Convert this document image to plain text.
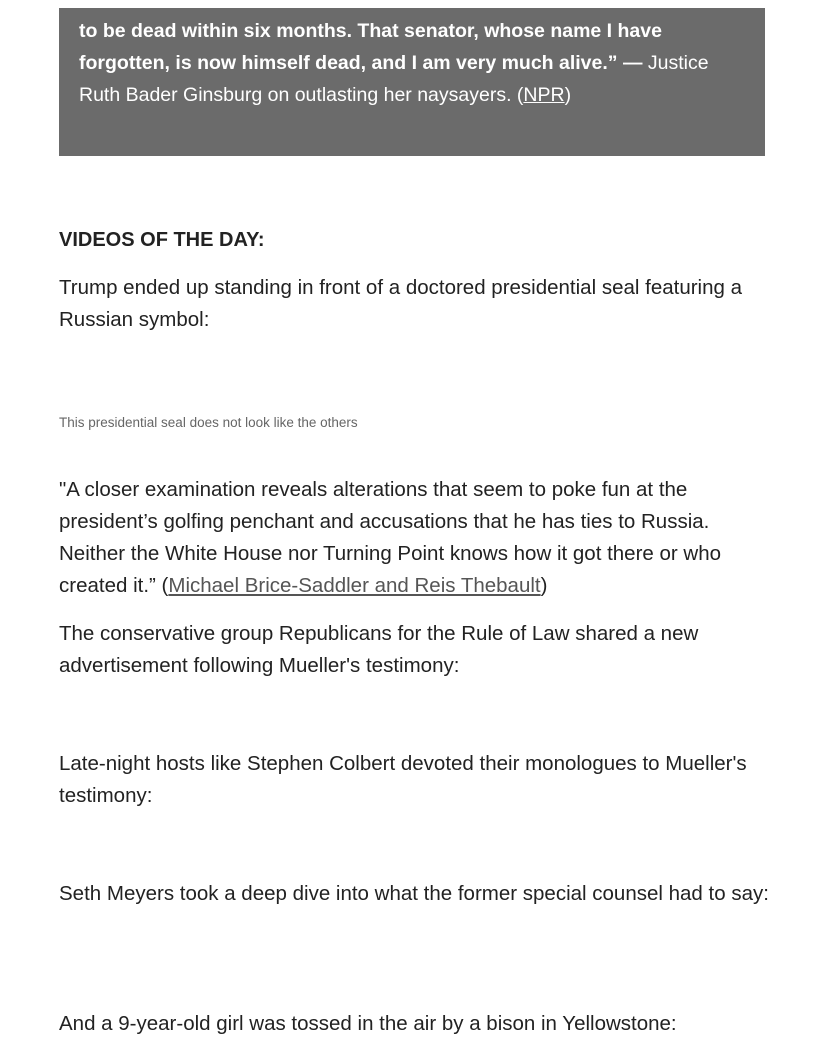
to be dead within six months. That senator, whose name I have forgotten, is now himself dead, and I am very much alive.” — Justice Ruth Bader Ginsburg on outlasting her naysayers. (NPR)
VIDEOS OF THE DAY:

Trump ended up standing in front of a doctored presidential seal featuring a Russian symbol:

This presidential seal does not look like the others

"A closer examination reveals alterations that seem to poke fun at the president’s golfing penchant and accusations that he has ties to Russia. Neither the White House nor Turning Point knows how it got there or who created it.” (Michael Brice-Saddler and Reis Thebault)

The conservative group Republicans for the Rule of Law shared a new advertisement following Mueller's testimony:

Late-night hosts like Stephen Colbert devoted their monologues to Mueller's testimony:

Seth Meyers took a deep dive into what the former special counsel had to say:

And a 9-year-old girl was tossed in the air by a bison in Yellowstone:
